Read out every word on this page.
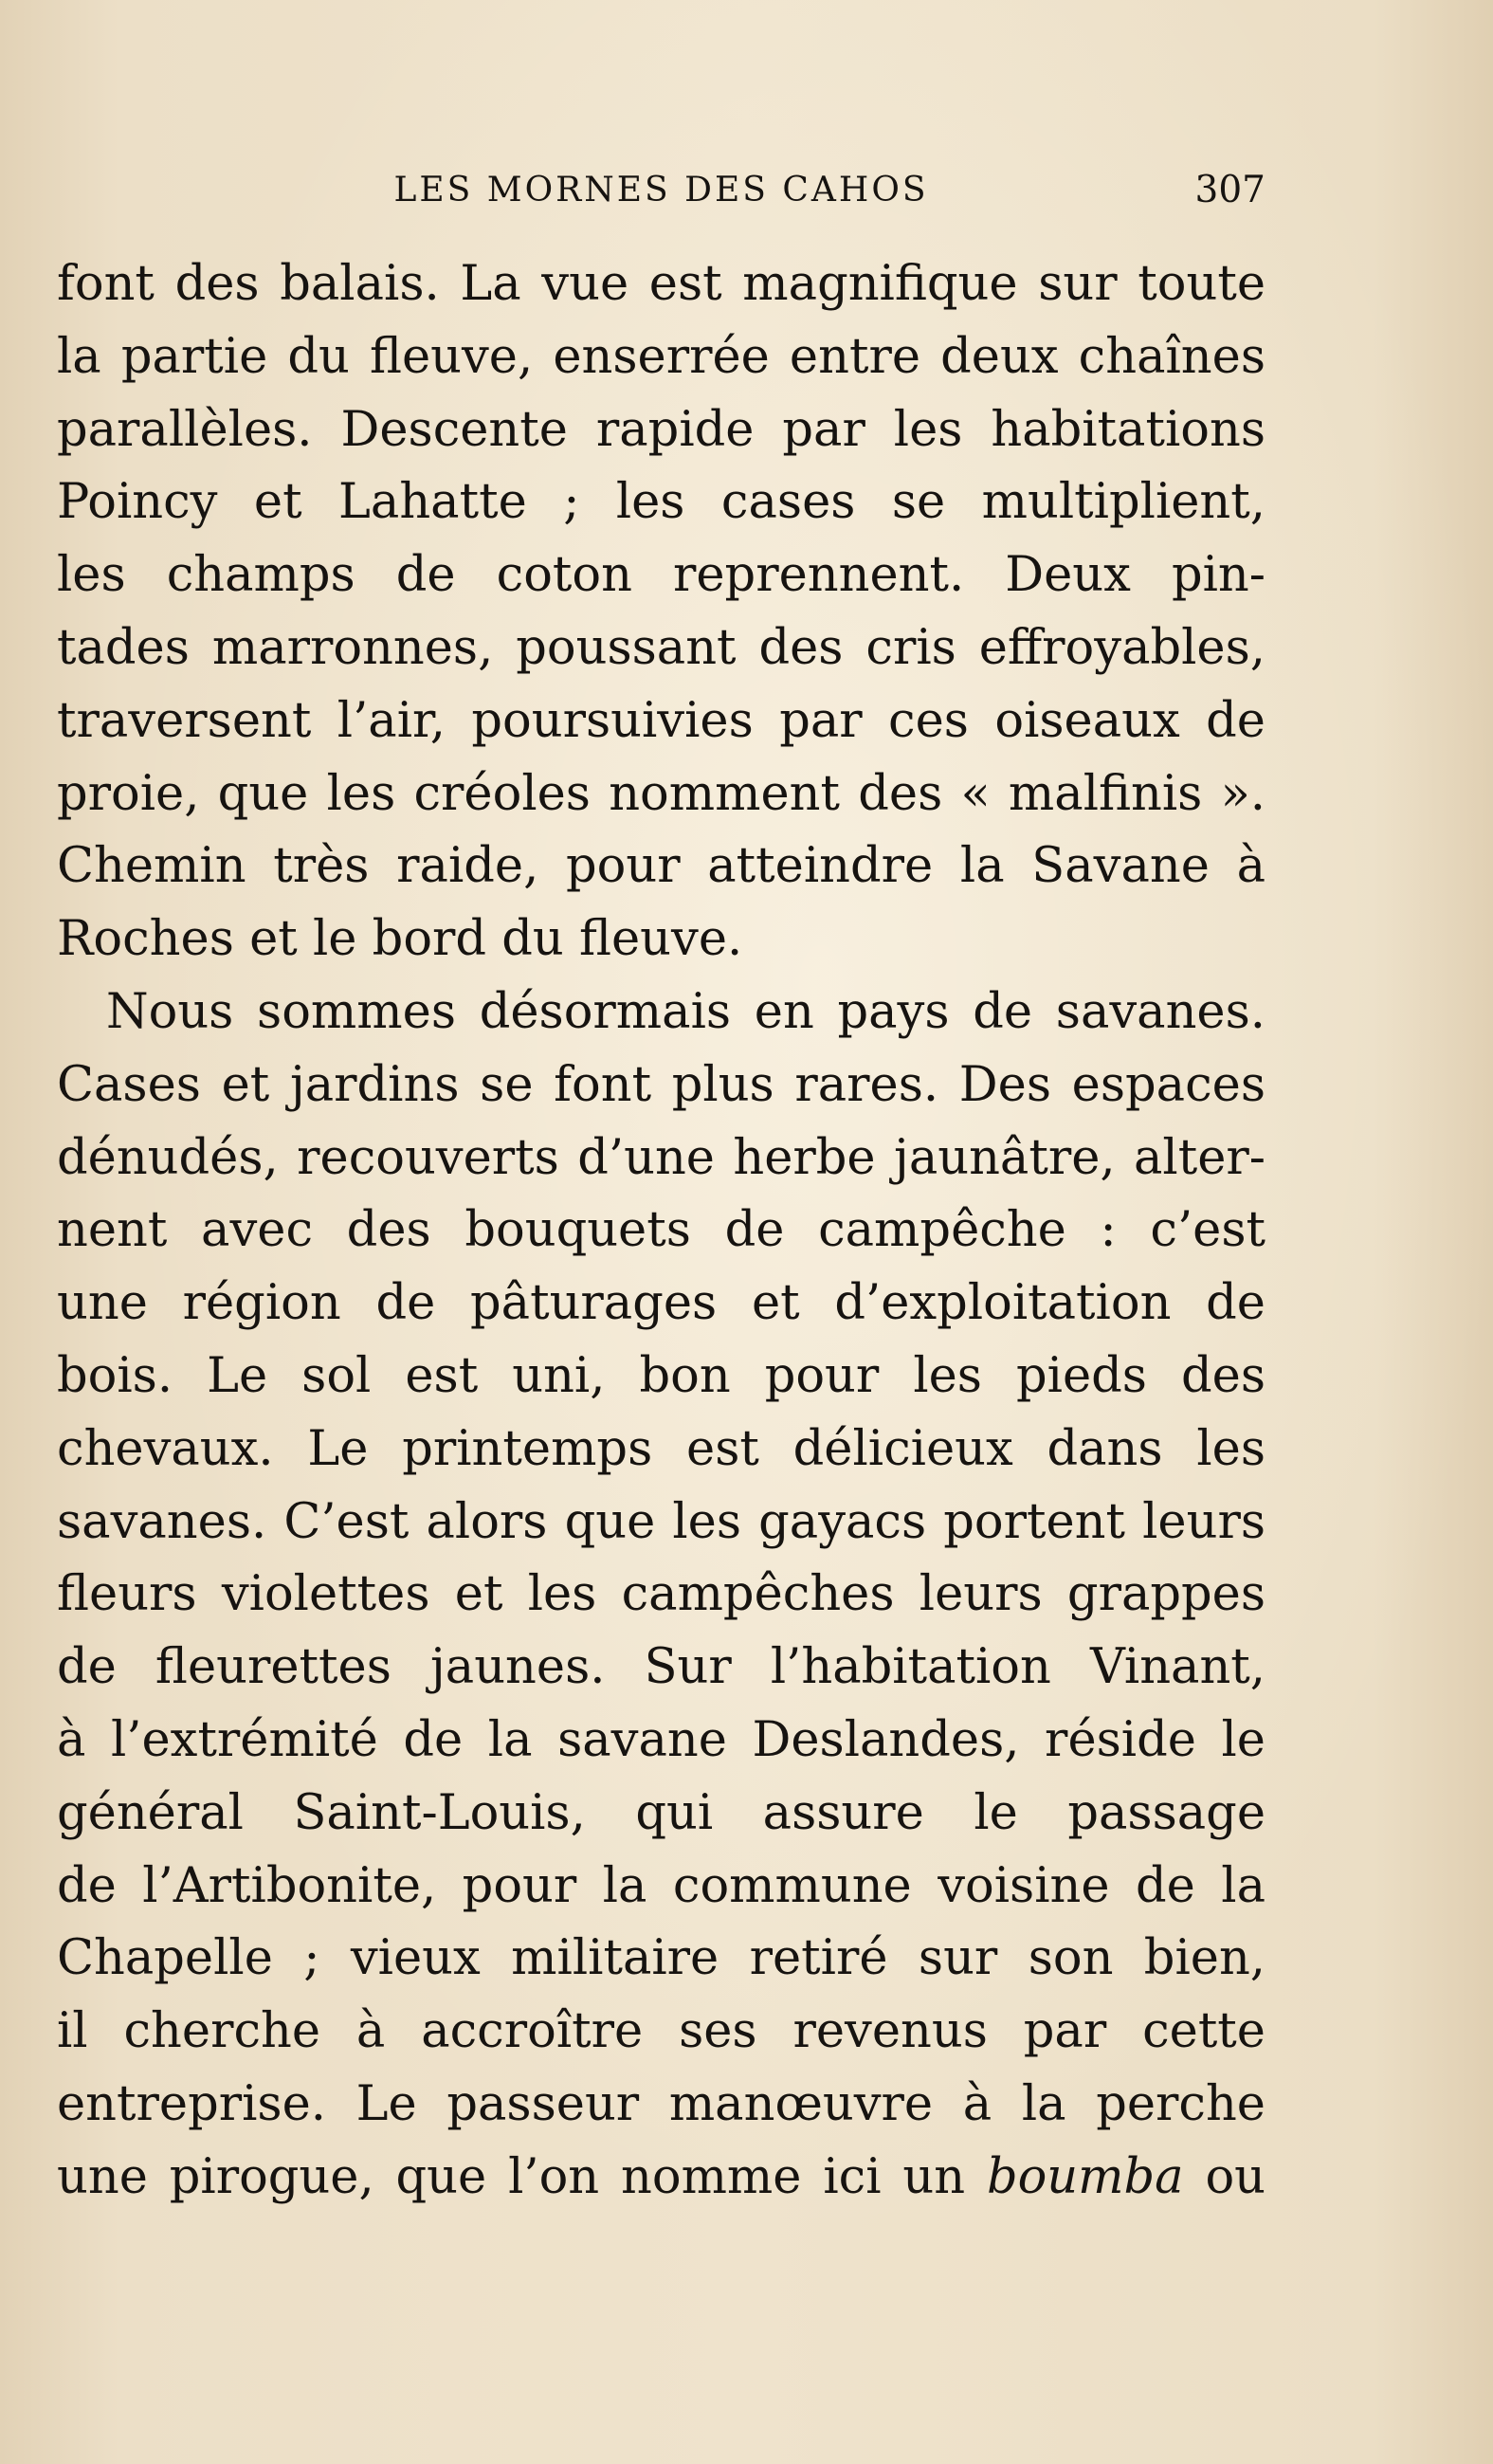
LES MORNES DES CAHOS	307
font des balais. La vue est magnifique sur toute
la partie du fleuve, enserrée entre deux chaînes
parallèles. Descente rapide par les habitations
Poincy et Lahatte ; les cases se multiplient,
les champs de coton reprennent. Deux pin-
tades marronnes, poussant des cris effroyables,
traversent l’air, poursuivies par ces oiseaux de
proie, que les créoles nomment des « malfinis ».
Chemin très raide, pour atteindre la Savane à
Roches et le bord du fleuve.
Nous sommes désormais en pays de savanes.
Cases et jardins se font plus rares. Des espaces
dénudés, recouverts d’une herbe jaunâtre, alter-
nent avec des bouquets de campêche : c’est
une région de pâturages et d’exploitation de
bois. Le sol est uni, bon pour les pieds des
chevaux. Le printemps est délicieux dans les
savanes. C’est alors que les gayacs portent leurs
fleurs violettes et les campêches leurs grappes
de fleurettes jaunes. Sur l’habitation Vinant,
à l’extrémité de la savane Deslandes, réside le
général Saint-Louis, qui assure le passage
de l’Artibonite, pour la commune voisine de la
Chapelle ; vieux militaire retiré sur son bien,
il cherche à accroître ses revenus par cette
entreprise. Le passeur manœuvre à la perche
une pirogue, que l’on nomme ici un boumba ou
